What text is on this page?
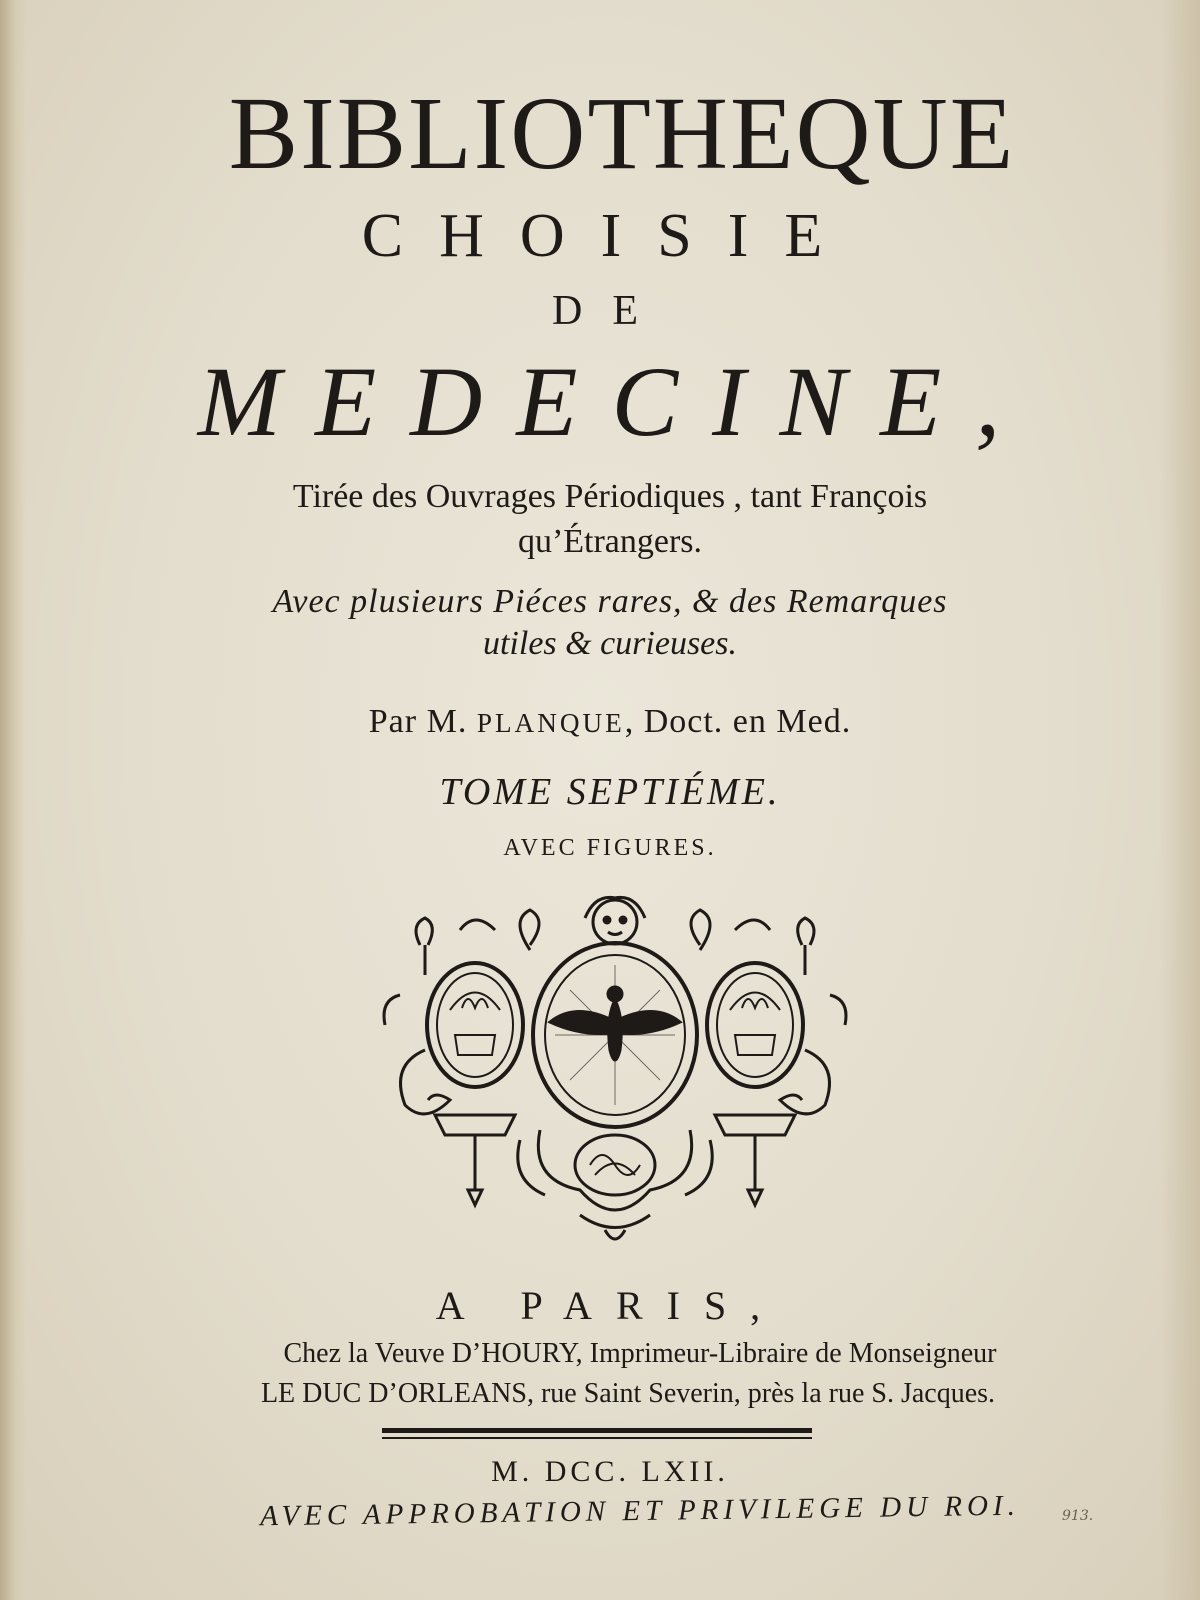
BIBLIOTHEQUE
CHOISIE
DE
MEDECINE,
Tirée des Ouvrages Périodiques , tant François
qu’Étrangers.
Avec plusieurs Piéces rares, & des Remarques
utiles & curieuses.
Par M. PLANQUE, Doct. en Med.
TOME SEPTIÉME.
AVEC FIGURES.
A PARIS,
Chez la Veuve D’HOURY, Imprimeur-Libraire de Monseigneur
LE DUC D’ORLEANS, rue Saint Severin, près la rue S. Jacques.
M. DCC. LXII.
AVEC APPROBATION ET PRIVILEGE DU ROI.	913.
